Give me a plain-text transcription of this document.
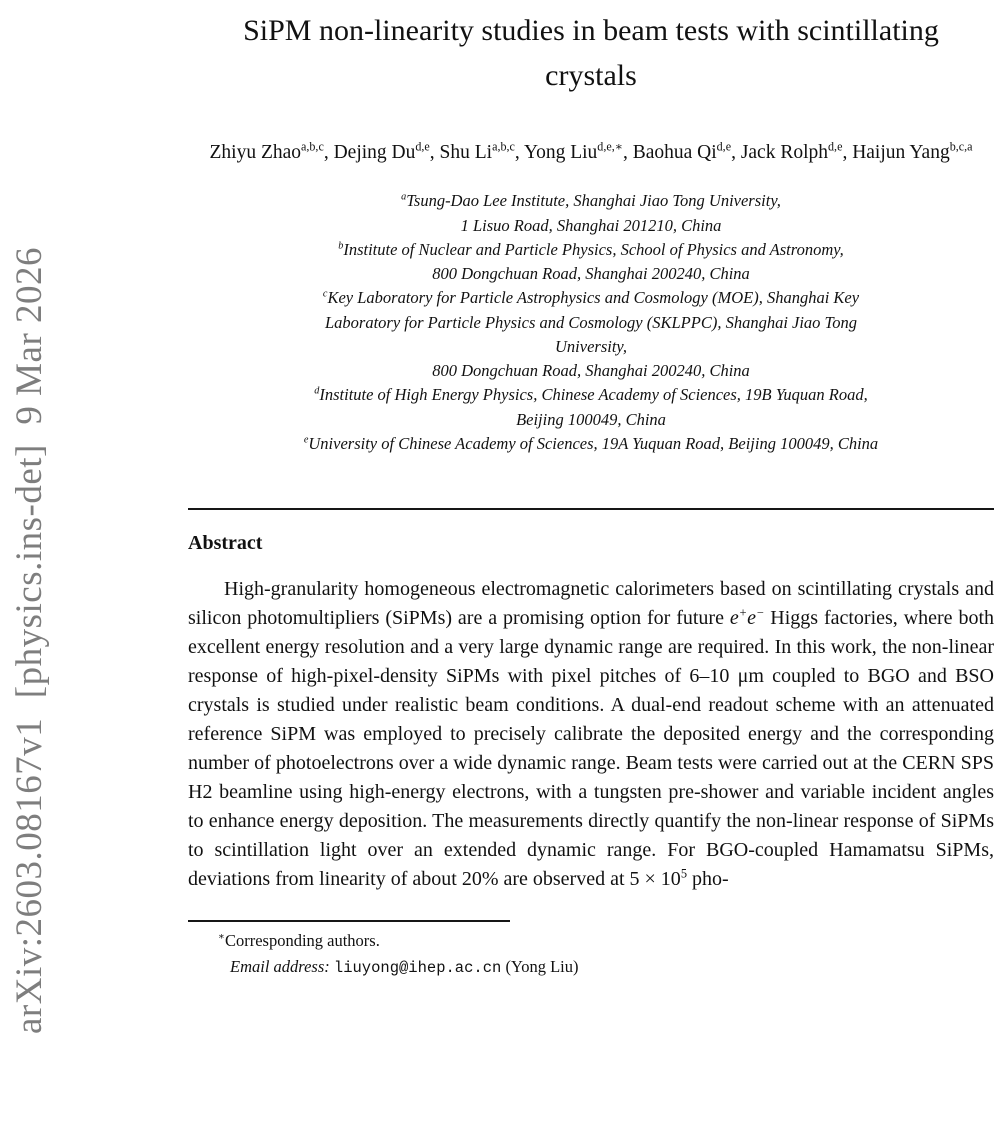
arXiv:2603.08167v1  [physics.ins-det]  9 Mar 2026
SiPM non-linearity studies in beam tests with scintillating crystals
Zhiyu Zhao$^{a,b,c}$, Dejing Du$^{d,e}$, Shu Li$^{a,b,c}$, Yong Liu$^{d,e,∗}$, Baohua Qi$^{d,e}$, Jack Rolph$^{d,e}$, Haijun Yang$^{b,c,a}$
$^a$Tsung-Dao Lee Institute, Shanghai Jiao Tong University,
1 Lisuo Road, Shanghai 201210, China
$^b$Institute of Nuclear and Particle Physics, School of Physics and Astronomy,
800 Dongchuan Road, Shanghai 200240, China
$^c$Key Laboratory for Particle Astrophysics and Cosmology (MOE), Shanghai Key
Laboratory for Particle Physics and Cosmology (SKLPPC), Shanghai Jiao Tong
University,
800 Dongchuan Road, Shanghai 200240, China
$^d$Institute of High Energy Physics, Chinese Academy of Sciences, 19B Yuquan Road,
Beijing 100049, China
$^e$University of Chinese Academy of Sciences, 19A Yuquan Road, Beijing 100049, China
Abstract

High-granularity homogeneous electromagnetic calorimeters based on scintillating crystals and silicon photomultipliers (SiPMs) are a promising option for future e+e− Higgs factories, where both excellent energy resolution and a very large dynamic range are required. In this work, the non-linear response of high-pixel-density SiPMs with pixel pitches of 6–10 μm coupled to BGO and BSO crystals is studied under realistic beam conditions. A dual-end readout scheme with an attenuated reference SiPM was employed to precisely calibrate the deposited energy and the corresponding number of photoelectrons over a wide dynamic range. Beam tests were carried out at the CERN SPS H2 beamline using high-energy electrons, with a tungsten pre-shower and variable incident angles to enhance energy deposition. The measurements directly quantify the non-linear response of SiPMs to scintillation light over an extended dynamic range. For BGO-coupled Hamamatsu SiPMs, deviations from linearity of about 20% are observed at $5 \times 10^5$ pho-

∗Corresponding authors.
Email address: liuyong@ihep.ac.cn (Yong Liu)
